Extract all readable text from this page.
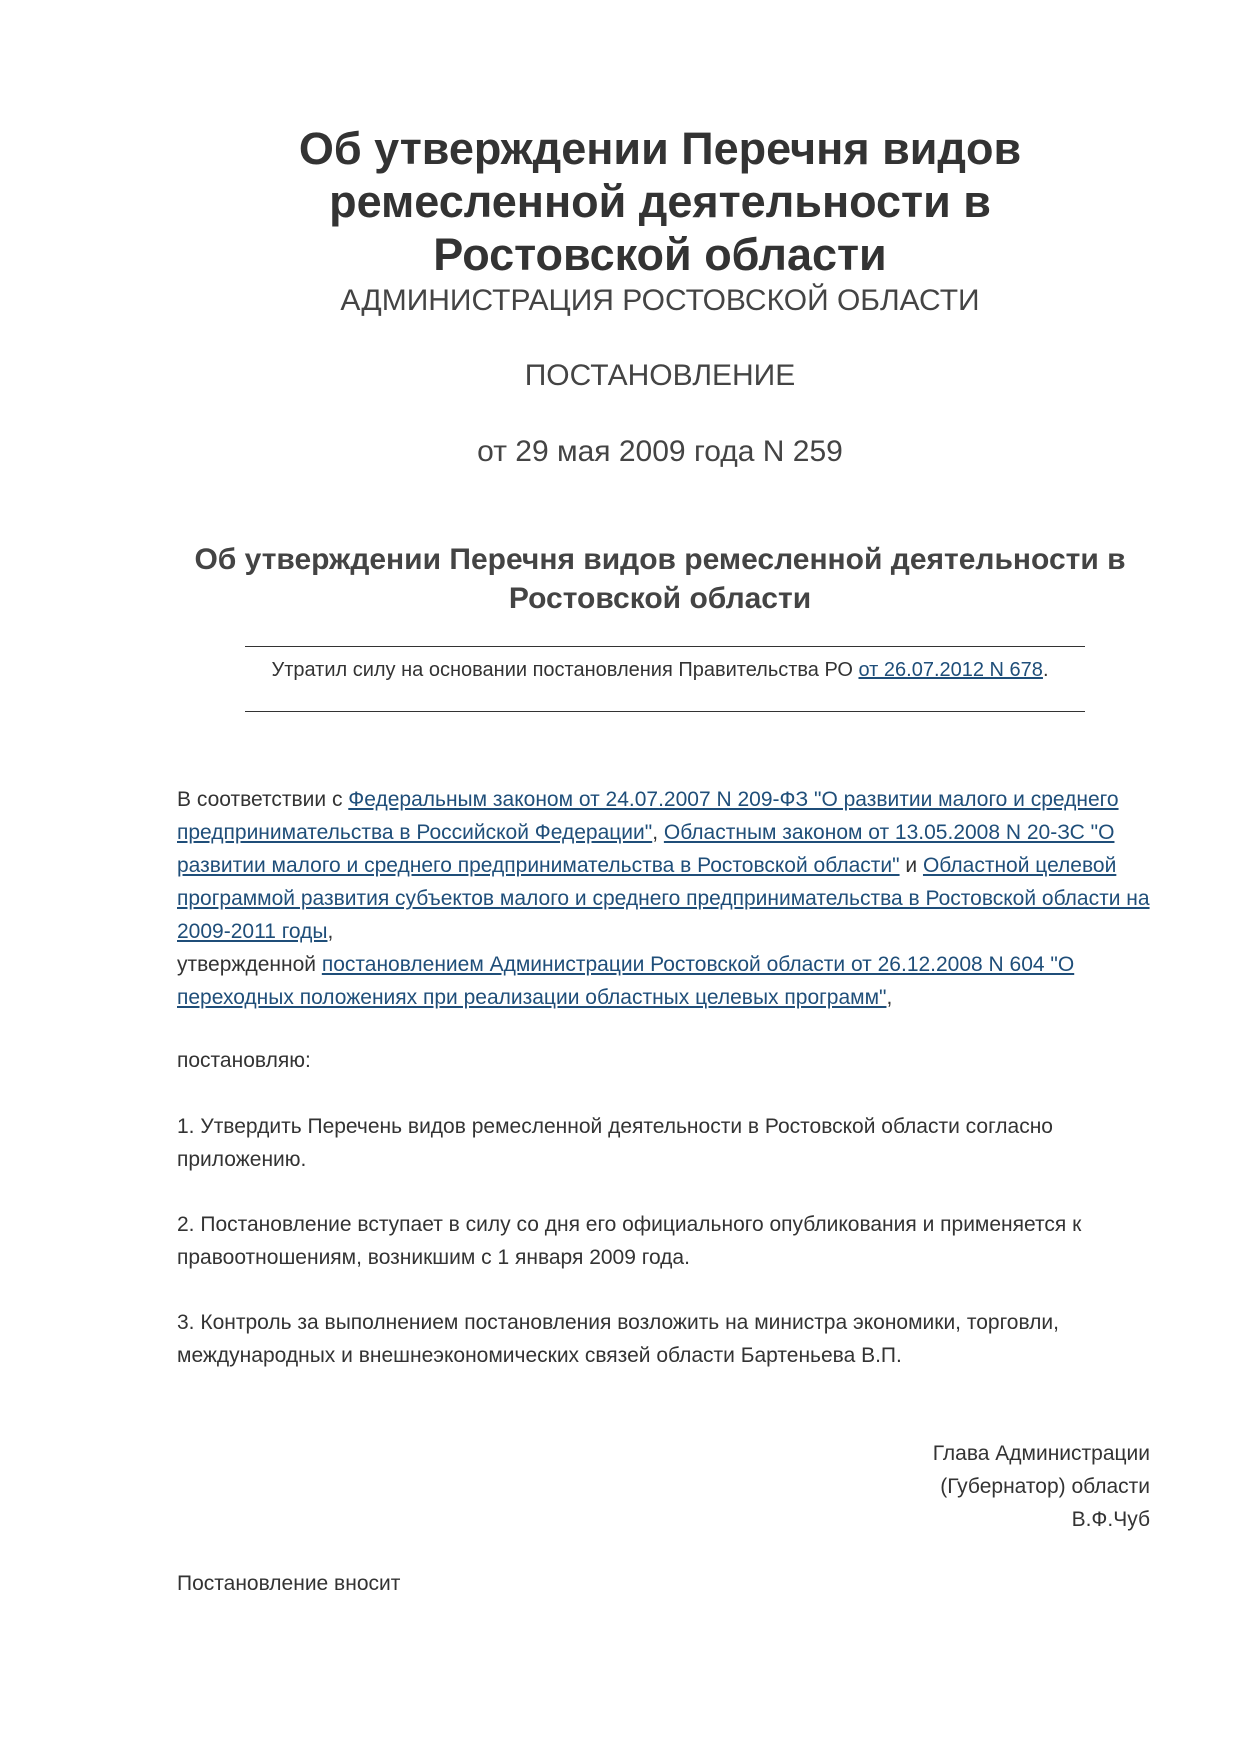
Об утверждении Перечня видов ремесленной деятельности в Ростовской области
АДМИНИСТРАЦИЯ РОСТОВСКОЙ ОБЛАСТИ
ПОСТАНОВЛЕНИЕ
от 29 мая 2009 года N 259
Об утверждении Перечня видов ремесленной деятельности в Ростовской области
Утратил силу на основании постановления Правительства РО от 26.07.2012 N 678.

В соответствии с Федеральным законом от 24.07.2007 N 209-ФЗ "О развитии малого и среднего предпринимательства в Российской Федерации", Областным законом от 13.05.2008 N 20-ЗС "О развитии малого и среднего предпринимательства в Ростовской области" и Областной целевой программой развития субъектов малого и среднего предпринимательства в Ростовской области на 2009-2011 годы,
утвержденной постановлением Администрации Ростовской области от 26.12.2008 N 604 "О переходных положениях при реализации областных целевых программ",

постановляю:

1. Утвердить Перечень видов ремесленной деятельности в Ростовской области согласно приложению.

2. Постановление вступает в силу со дня его официального опубликования и применяется к правоотношениям, возникшим с 1 января 2009 года.

3. Контроль за выполнением постановления возложить на министра экономики, торговли, международных и внешнеэкономических связей области Бартеньева В.П.

Глава Администрации
(Губернатор) области
В.Ф.Чуб

Постановление вносит
